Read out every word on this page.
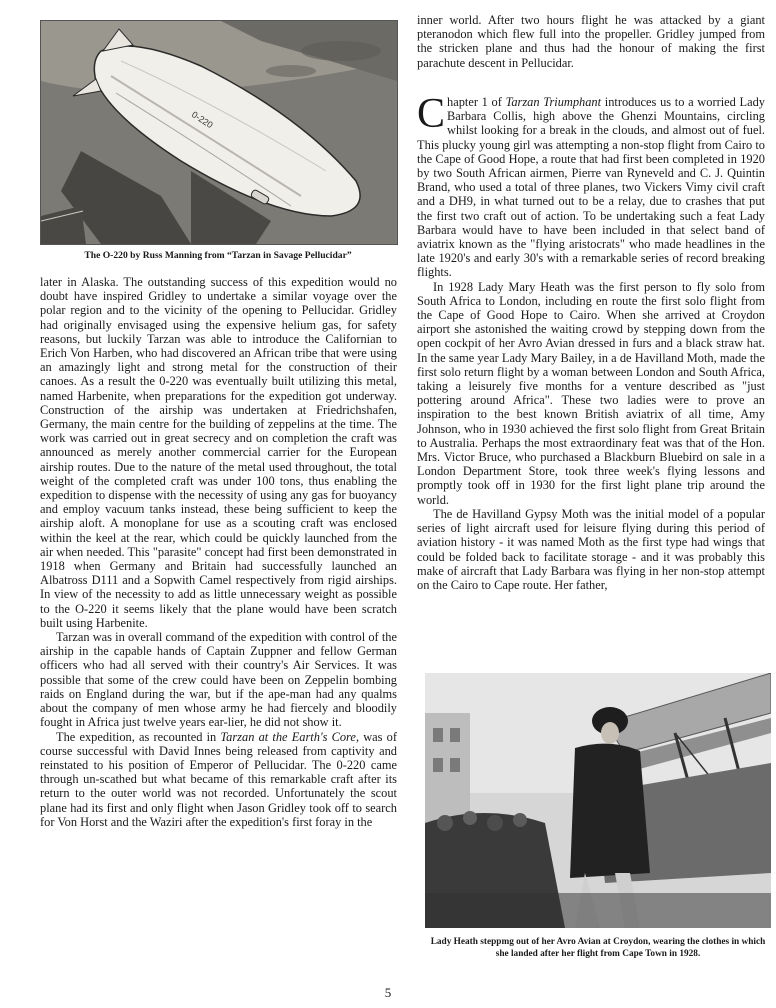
0-220
The O-220 by Russ Manning from “Tarzan in Savage Pellucidar”

later in Alaska. The outstanding success of this expedition would no doubt have inspired Gridley to undertake a similar voyage over the polar region and to the vicinity of the opening to Pellucidar. Gridley had originally envisaged using the expensive helium gas, for safety reasons, but luckily Tarzan was able to introduce the Californian to Erich Von Harben, who had discovered an African tribe that were using an amazingly light and strong metal for the construction of their canoes. As a result the 0-220 was eventually built utilizing this metal, named Harbenite, when preparations for the expedition got underway. Construction of the airship was undertaken at Friedrichshafen, Germany, the main centre for the building of zeppelins at the time. The work was carried out in great secrecy and on completion the craft was announced as merely another commercial carrier for the European airship routes. Due to the nature of the metal used throughout, the total weight of the completed craft was under 100 tons, thus enabling the expedition to dispense with the necessity of using any gas for buoyancy and employ vacuum tanks instead, these being sufficient to keep the airship aloft. A monoplane for use as a scouting craft was enclosed within the keel at the rear, which could be quickly launched from the air when needed. This "parasite" concept had first been demonstrated in 1918 when Germany and Britain had successfully launched an Albatross D111 and a Sopwith Camel respectively from rigid airships. In view of the necessity to add as little unnecessary weight as possible to the O-220 it seems likely that the plane would have been scratch built using Harbenite.

Tarzan was in overall command of the expedition with control of the airship in the capable hands of Captain Zuppner and fellow German officers who had all served with their country's Air Services. It was possible that some of the crew could have been on Zeppelin bombing raids on England during the war, but if the ape-man had any qualms about the company of men whose army he had fiercely and bloodily fought in Africa just twelve years ear-lier, he did not show it.

The expedition, as recounted in Tarzan at the Earth's Core, was of course successful with David Innes being released from captivity and reinstated to his position of Emperor of Pellucidar. The 0-220 came through un-scathed but what became of this remarkable craft after its return to the outer world was not recorded. Unfortunately the scout plane had its first and only flight when Jason Gridley took off to search for Von Horst and the Waziri after the expedition's first foray in the

inner world. After two hours flight he was attacked by a giant pteranodon which flew full into the propeller. Gridley jumped from the stricken plane and thus had the honour of making the first parachute descent in Pellucidar.

Chapter 1 of Tarzan Triumphant introduces us to a worried Lady Barbara Collis, high above the Ghenzi Mountains, circling whilst looking for a break in the clouds, and almost out of fuel. This plucky young girl was attempting a non-stop flight from Cairo to the Cape of Good Hope, a route that had first been completed in 1920 by two South African airmen, Pierre van Ryneveld and C. J. Quintin Brand, who used a total of three planes, two Vickers Vimy civil craft and a DH9, in what turned out to be a relay, due to crashes that put the first two craft out of action. To be undertaking such a feat Lady Barbara would have to have been included in that select band of aviatrix known as the "flying aristocrats" who made headlines in the late 1920's and early 30's with a remarkable series of record breaking flights.

In 1928 Lady Mary Heath was the first person to fly solo from South Africa to London, including en route the first solo flight from the Cape of Good Hope to Cairo. When she arrived at Croydon airport she astonished the waiting crowd by stepping down from the open cockpit of her Avro Avian dressed in furs and a black straw hat. In the same year Lady Mary Bailey, in a de Havilland Moth, made the first solo return flight by a woman between London and South Africa, taking a leisurely five months for a venture described as "just pottering around Africa". These two ladies were to prove an inspiration to the best known British aviatrix of all time, Amy Johnson, who in 1930 achieved the first solo flight from Great Britain to Australia. Perhaps the most extraordinary feat was that of the Hon. Mrs. Victor Bruce, who purchased a Blackburn Bluebird on sale in a London Department Store, took three week's flying lessons and promptly took off in 1930 for the first light plane trip around the world.

The de Havilland Gypsy Moth was the initial model of a popular series of light aircraft used for leisure flying during this period of aviation history - it was named Moth as the first type had wings that could be folded back to facilitate storage - and it was probably this make of aircraft that Lady Barbara was flying in her non-stop attempt on the Cairo to Cape route. Her father,

Lady Heath steppmg out of her Avro Avian at Croydon, wearing the clothes in which she landed after her flight from Cape Town in 1928.
5
